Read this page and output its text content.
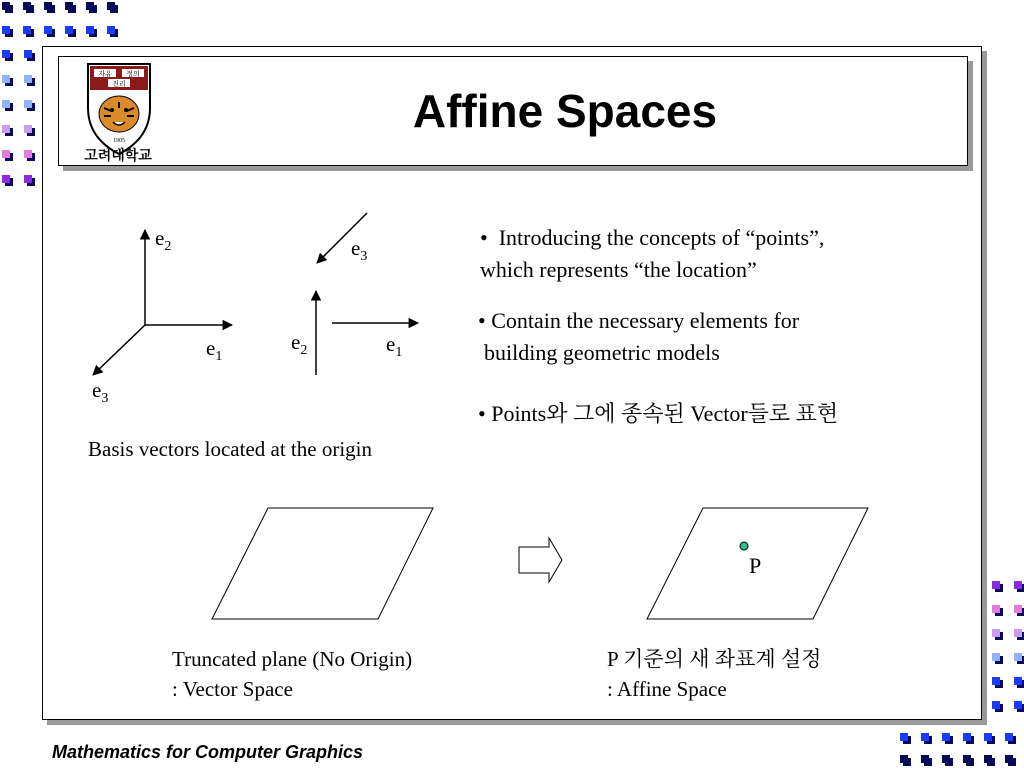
자유 정의
진리
1905
고려대학교
Affine Spaces
$e_2$
$e_1$
$e_3$
$e_3$
$e_2$	$e_1$
Basis vectors located at the origin
• Introducing the concepts of “points”,
which represents “the location”
• Contain the necessary elements for
building geometric models
• Points와 그에 종속된 Vector들로 표현
P
Truncated plane (No Origin)
: Vector Space
P 기준의 새 좌표계 설정
: Affine Space
Mathematics for Computer Graphics
